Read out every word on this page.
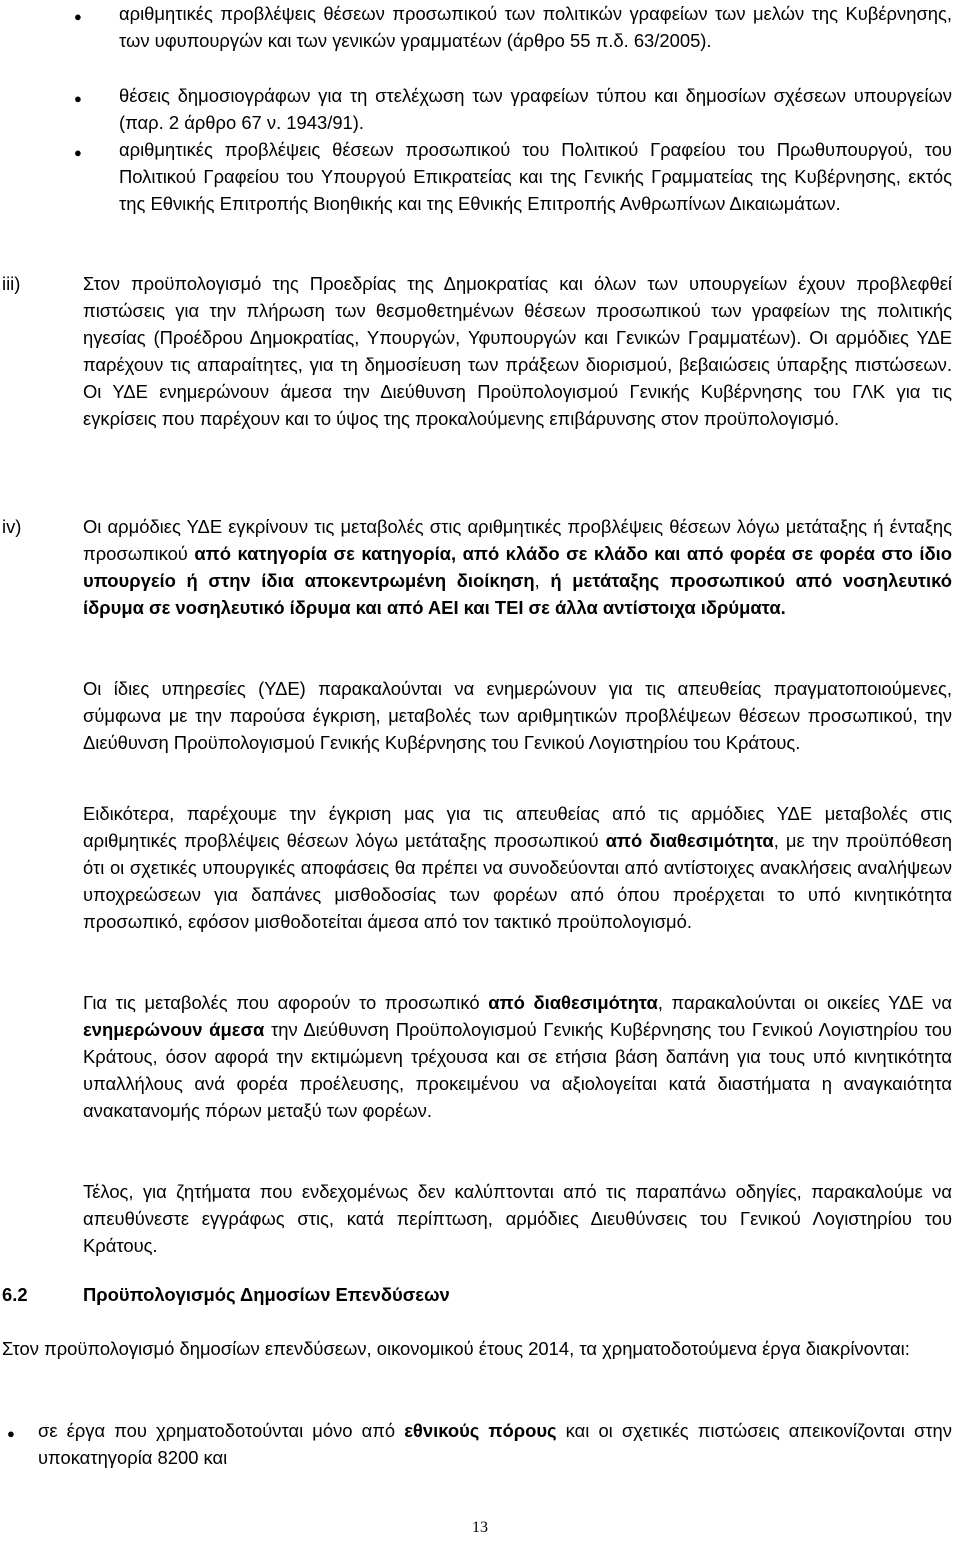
●	αριθμητικές προβλέψεις θέσεων προσωπικού των πολιτικών γραφείων των μελών της Κυβέρνησης, των υφυπουργών και των γενικών γραμματέων (άρθρο 55 π.δ. 63/2005).
●	θέσεις δημοσιογράφων για τη στελέχωση των γραφείων τύπου και δημοσίων σχέσεων υπουργείων (παρ. 2 άρθρο 67 ν. 1943/91).
●	αριθμητικές προβλέψεις θέσεων προσωπικού του Πολιτικού Γραφείου του Πρωθυπουργού, του Πολιτικού Γραφείου του Υπουργού Επικρατείας και της Γενικής Γραμματείας της Κυβέρνησης, εκτός της Εθνικής Επιτροπής Βιοηθικής και της Εθνικής Επιτροπής Ανθρωπίνων Δικαιωμάτων.
iii)	Στον προϋπολογισμό της Προεδρίας της Δημοκρατίας και όλων των υπουργείων έχουν προβλεφθεί πιστώσεις για την πλήρωση των θεσμοθετημένων θέσεων προσωπικού των γραφείων της πολιτικής ηγεσίας (Προέδρου Δημοκρατίας, Υπουργών, Υφυπουργών και Γενικών Γραμματέων). Οι αρμόδιες ΥΔΕ παρέχουν τις απαραίτητες, για τη δημοσίευση των πράξεων διορισμού, βεβαιώσεις ύπαρξης πιστώσεων. Οι ΥΔΕ ενημερώνουν άμεσα την Διεύθυνση Προϋπολογισμού Γενικής Κυβέρνησης του ΓΛΚ για τις εγκρίσεις που παρέχουν και το ύψος της προκαλούμενης επιβάρυνσης στον προϋπολογισμό.
iv)	Οι αρμόδιες ΥΔΕ εγκρίνουν τις μεταβολές στις αριθμητικές προβλέψεις θέσεων λόγω μετάταξης ή ένταξης προσωπικού από κατηγορία σε κατηγορία, από κλάδο σε κλάδο και από φορέα σε φορέα στο ίδιο υπουργείο ή στην ίδια αποκεντρωμένη διοίκηση, ή μετάταξης προσωπικού από νοσηλευτικό ίδρυμα σε νοσηλευτικό ίδρυμα και από ΑΕΙ και ΤΕΙ σε άλλα αντίστοιχα ιδρύματα.
Οι ίδιες υπηρεσίες (ΥΔΕ) παρακαλούνται να ενημερώνουν για τις απευθείας πραγματοποιούμενες, σύμφωνα με την παρούσα έγκριση, μεταβολές των αριθμητικών προβλέψεων θέσεων προσωπικού, την Διεύθυνση Προϋπολογισμού Γενικής Κυβέρνησης του Γενικού Λογιστηρίου του Κράτους.
Ειδικότερα, παρέχουμε την έγκριση μας για τις απευθείας από τις αρμόδιες ΥΔΕ μεταβολές στις αριθμητικές προβλέψεις θέσεων λόγω μετάταξης προσωπικού από διαθεσιμότητα, με την προϋπόθεση ότι οι σχετικές υπουργικές αποφάσεις θα πρέπει να συνοδεύονται από αντίστοιχες ανακλήσεις αναλήψεων υποχρεώσεων για δαπάνες μισθοδοσίας των φορέων από όπου προέρχεται το υπό κινητικότητα προσωπικό, εφόσον μισθοδοτείται άμεσα από τον τακτικό προϋπολογισμό.
Για τις μεταβολές που αφορούν το προσωπικό από διαθεσιμότητα, παρακαλούνται οι οικείες ΥΔΕ να ενημερώνουν άμεσα την Διεύθυνση Προϋπολογισμού Γενικής Κυβέρνησης του Γενικού Λογιστηρίου του Κράτους, όσον αφορά την εκτιμώμενη τρέχουσα και σε ετήσια βάση δαπάνη για τους υπό κινητικότητα υπαλλήλους ανά φορέα προέλευσης, προκειμένου να αξιολογείται κατά διαστήματα η αναγκαιότητα ανακατανομής πόρων μεταξύ των φορέων.
Τέλος, για ζητήματα που ενδεχομένως δεν καλύπτονται από τις παραπάνω οδηγίες, παρακαλούμε να απευθύνεστε εγγράφως στις, κατά περίπτωση, αρμόδιες Διευθύνσεις του Γενικού Λογιστηρίου του Κράτους.
6.2	Προϋπολογισμός Δημοσίων Επενδύσεων
Στον προϋπολογισμό δημοσίων επενδύσεων, οικονομικού έτους 2014, τα χρηματοδοτούμενα έργα διακρίνονται:
●	σε έργα που χρηματοδοτούνται μόνο από εθνικούς πόρους και οι σχετικές πιστώσεις απεικονίζονται στην υποκατηγορία 8200 και
13
